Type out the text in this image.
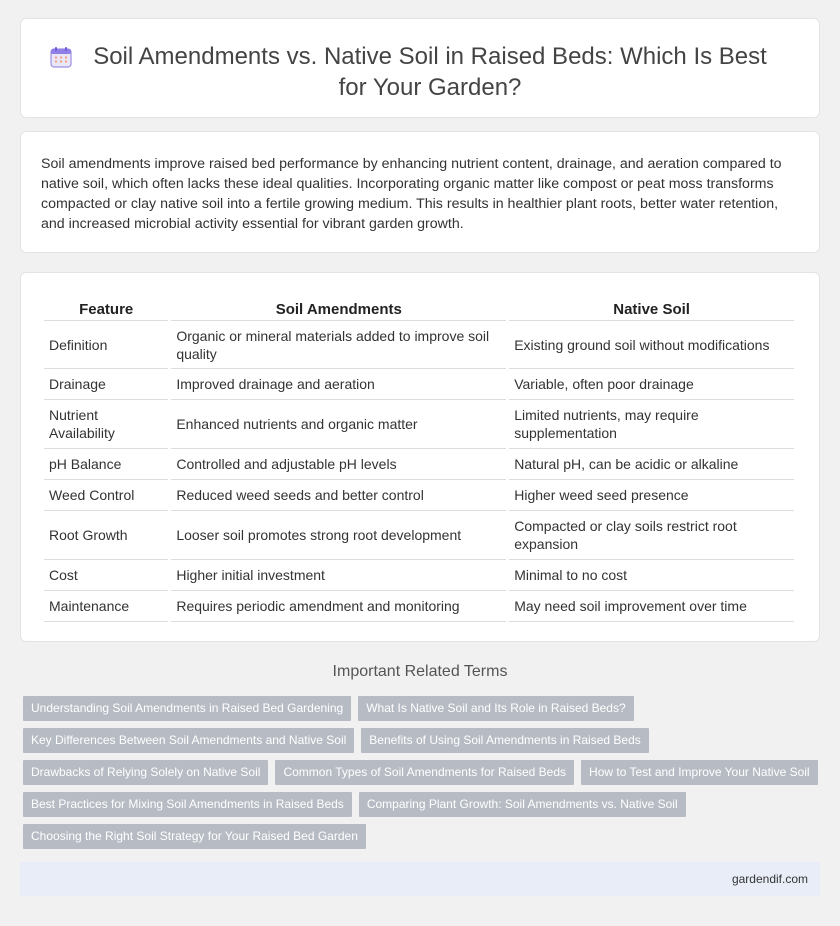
Soil Amendments vs. Native Soil in Raised Beds: Which Is Best for Your Garden?

Soil amendments improve raised bed performance by enhancing nutrient content, drainage, and aeration compared to native soil, which often lacks these ideal qualities. Incorporating organic matter like compost or peat moss transforms compacted or clay native soil into a fertile growing medium. This results in healthier plant roots, better water retention, and increased microbial activity essential for vibrant garden growth.

Feature	Soil Amendments	Native Soil
Definition	Organic or mineral materials added to improve soil quality	Existing ground soil without modifications
Drainage	Improved drainage and aeration	Variable, often poor drainage
Nutrient Availability	Enhanced nutrients and organic matter	Limited nutrients, may require supplementation
pH Balance	Controlled and adjustable pH levels	Natural pH, can be acidic or alkaline
Weed Control	Reduced weed seeds and better control	Higher weed seed presence
Root Growth	Looser soil promotes strong root development	Compacted or clay soils restrict root expansion
Cost	Higher initial investment	Minimal to no cost
Maintenance	Requires periodic amendment and monitoring	May need soil improvement over time
Important Related Terms
Understanding Soil Amendments in Raised Bed Gardening	What Is Native Soil and Its Role in Raised Beds?
Key Differences Between Soil Amendments and Native Soil	Benefits of Using Soil Amendments in Raised Beds
Drawbacks of Relying Solely on Native Soil	Common Types of Soil Amendments for Raised Beds	How to Test and Improve Your Native Soil
Best Practices for Mixing Soil Amendments in Raised Beds	Comparing Plant Growth: Soil Amendments vs. Native Soil
Choosing the Right Soil Strategy for Your Raised Bed Garden
gardendif.com
